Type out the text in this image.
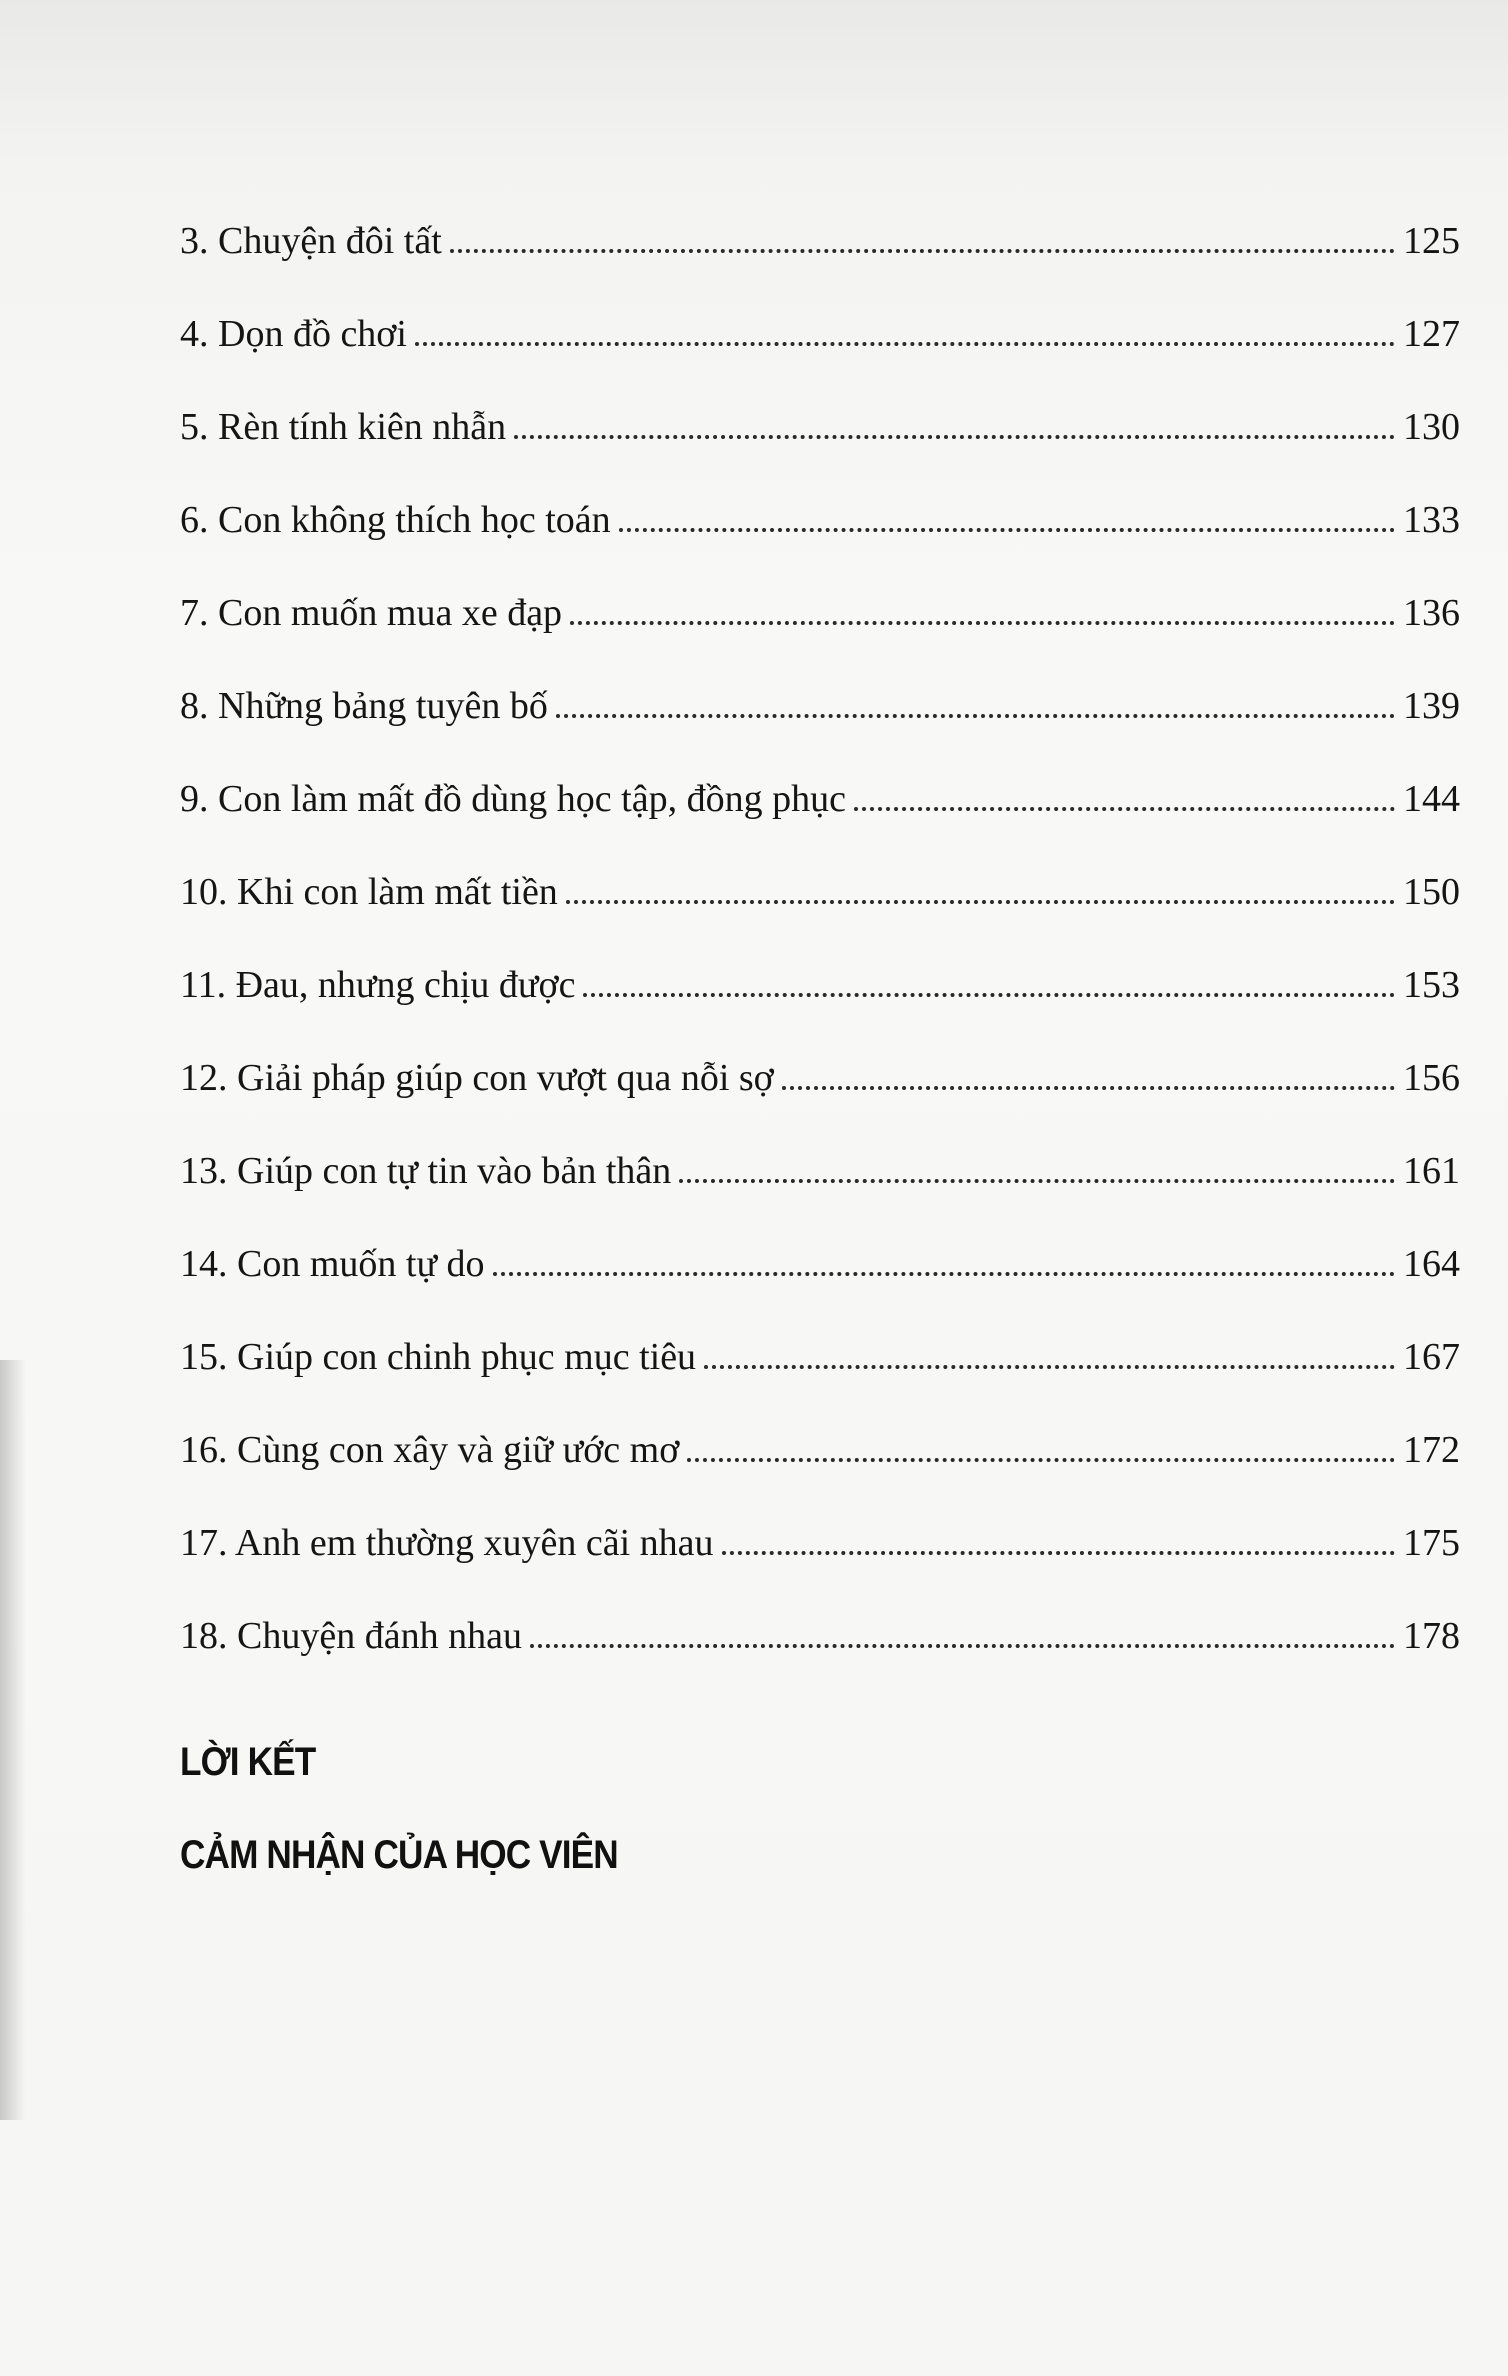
3. Chuyện đôi tất	125
4. Dọn đồ chơi	127
5. Rèn tính kiên nhẫn	130
6. Con không thích học toán	133
7. Con muốn mua xe đạp	136
8. Những bảng tuyên bố	139
9. Con làm mất đồ dùng học tập, đồng phục	144
10. Khi con làm mất tiền	150
11. Đau, nhưng chịu được	153
12. Giải pháp giúp con vượt qua nỗi sợ	156
13. Giúp con tự tin vào bản thân	161
14. Con muốn tự do	164
15. Giúp con chinh phục mục tiêu	167
16. Cùng con xây và giữ ước mơ	172
17. Anh em thường xuyên cãi nhau	175
18. Chuyện đánh nhau	178
LỜI KẾT
CẢM NHẬN CỦA HỌC VIÊN
